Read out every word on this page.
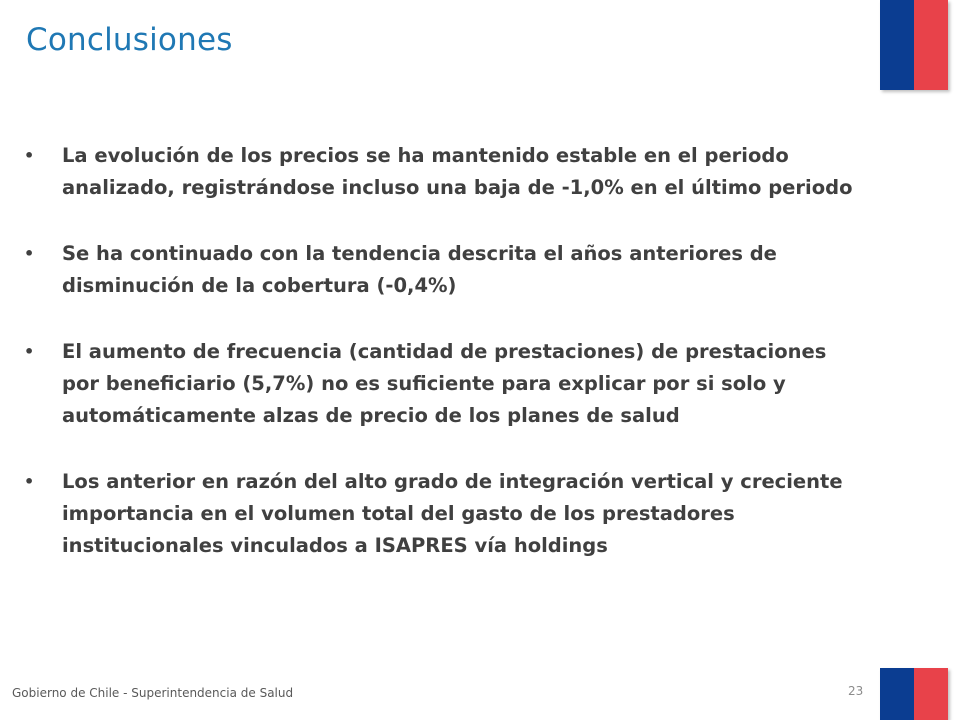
Conclusiones
• La evolución de los precios se ha mantenido estable en el periodo analizado, registrándose incluso una baja de -1,0% en el último periodo
• Se ha continuado con la tendencia descrita el años anteriores de disminución de la cobertura (-0,4%)
• El aumento de frecuencia (cantidad de prestaciones) de prestaciones por beneficiario (5,7%) no es suficiente para explicar por si solo y automáticamente alzas de precio de los planes de salud
• Los anterior en razón del alto grado de integración vertical y creciente importancia en el volumen total del gasto de los prestadores institucionales vinculados a ISAPRES vía holdings
Gobierno de Chile - Superintendencia de Salud	23
